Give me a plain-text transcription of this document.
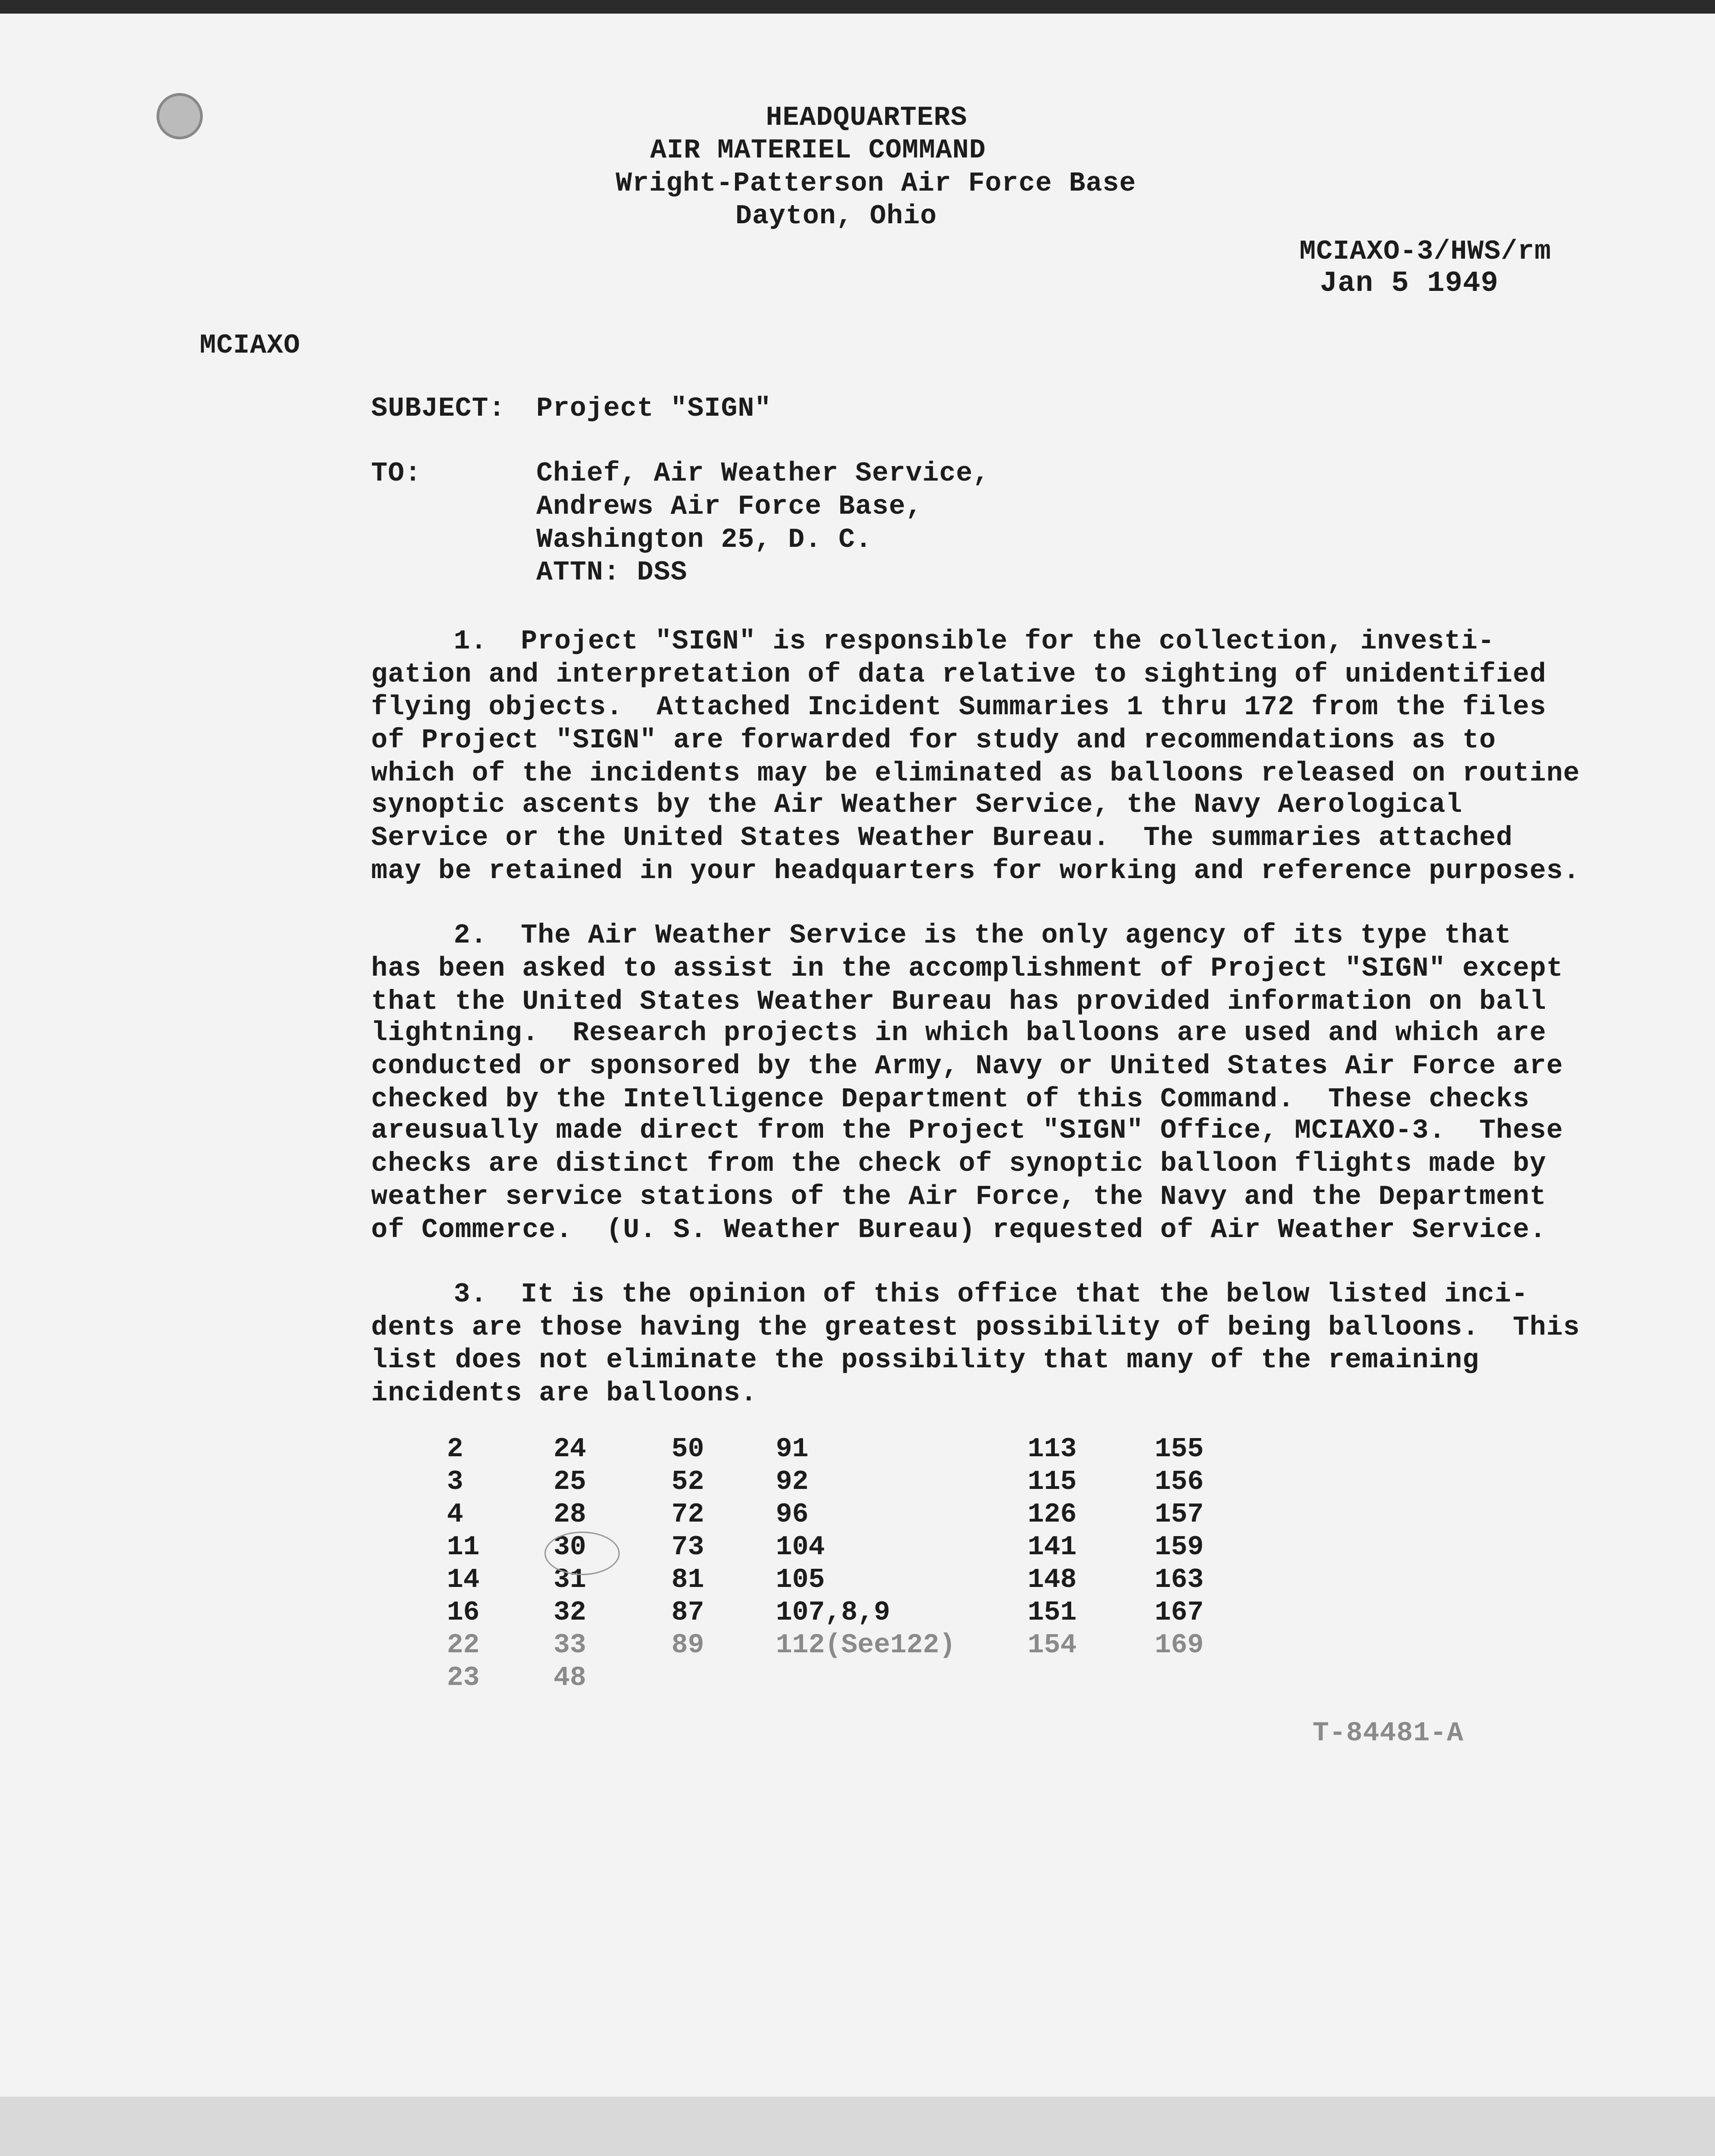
HEADQUARTERS
AIR MATERIEL COMMAND
Wright-Patterson Air Force Base
Dayton, Ohio
MCIAXO-3/HWS/rm
Jan 5 1949
MCIAXO
SUBJECT: Project "SIGN"
TO:	Chief, Air Weather Service,
Andrews Air Force Base,
Washington 25, D. C.
ATTN: DSS
1.  Project "SIGN" is responsible for the collection, investi-
gation and interpretation of data relative to sighting of unidentified
flying objects.  Attached Incident Summaries 1 thru 172 from the files
of Project "SIGN" are forwarded for study and recommendations as to
which of the incidents may be eliminated as balloons released on routine
synoptic ascents by the Air Weather Service, the Navy Aerological
Service or the United States Weather Bureau.  The summaries attached
may be retained in your headquarters for working and reference purposes.
2.  The Air Weather Service is the only agency of its type that
has been asked to assist in the accomplishment of Project "SIGN" except
that the United States Weather Bureau has provided information on ball
lightning.  Research projects in which balloons are used and which are
conducted or sponsored by the Army, Navy or United States Air Force are
checked by the Intelligence Department of this Command.  These checks
areusually made direct from the Project "SIGN" Office, MCIAXO-3.  These
checks are distinct from the check of synoptic balloon flights made by
weather service stations of the Air Force, the Navy and the Department
of Commerce.  (U. S. Weather Bureau) requested of Air Weather Service.
3.  It is the opinion of this office that the below listed inci-
dents are those having the greatest possibility of being balloons.  This
list does not eliminate the possibility that many of the remaining
incidents are balloons.
2
3
4
11
14
16
22
23
24
25
28
30
31
32
33
48
50
52
72
73
81
87
89
91
92
96
104
105
107,8,9
112(See122)
113
115
126
141
148
151
154
155
156
157
159
163
167
169
T-84481-A
